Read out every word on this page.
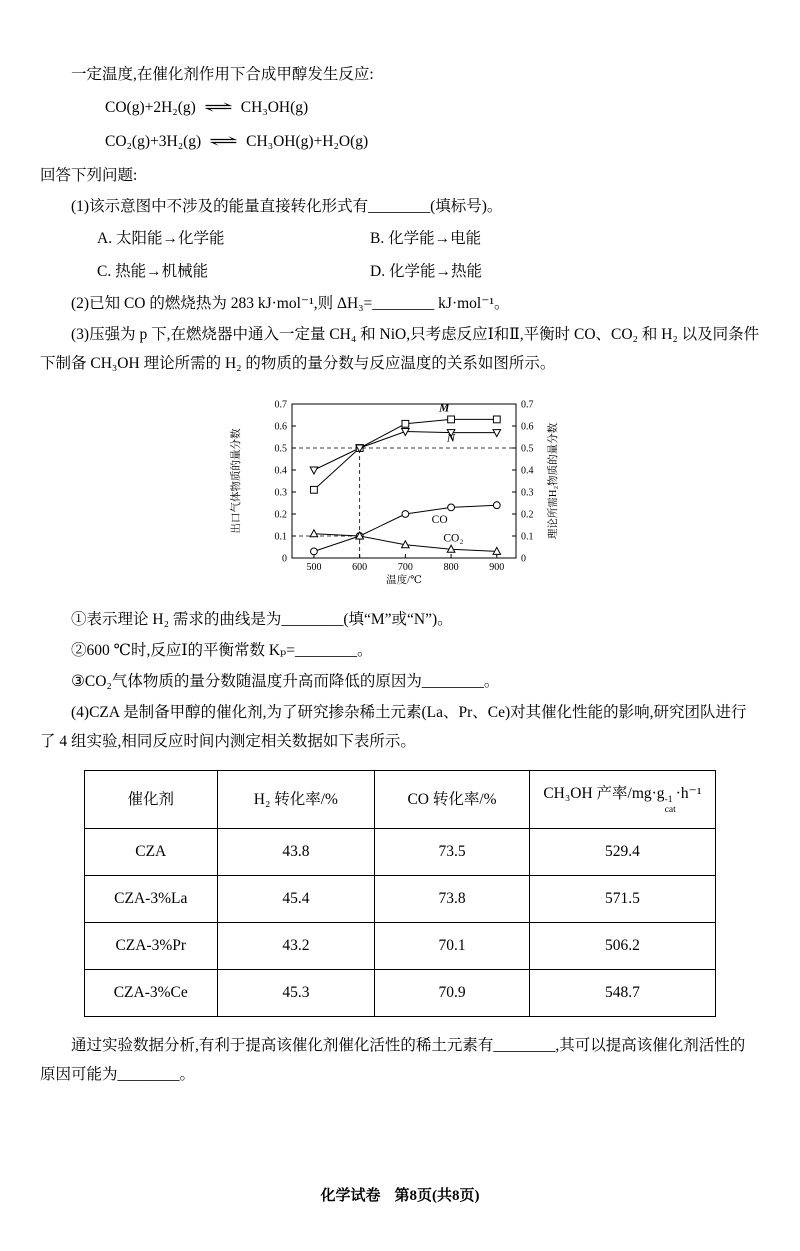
一定温度,在催化剂作用下合成甲醇发生反应:

CO(g)+2H₂(g) ⇌ CH₃OH(g)

CO₂(g)+3H₂(g) ⇌ CH₃OH(g)+H₂O(g)

回答下列问题:

(1)该示意图中不涉及的能量直接转化形式有________(填标号)。

A. 太阳能→化学能	B. 化学能→电能
C. 热能→机械能	D. 化学能→热能

(2)已知 CO 的燃烧热为 283 kJ·mol⁻¹,则 ΔH₃=________ kJ·mol⁻¹。

(3)压强为 p 下,在燃烧器中通入一定量 CH₄ 和 NiO,只考虑反应Ⅰ和Ⅱ,平衡时 CO、CO₂ 和 H₂ 以及同条件下制备 CH₃OH 理论所需的 H₂ 的物质的量分数与反应温度的关系如图所示。

M
N
CO
CO₂
0	0
0.1	0.1
0.2	0.2
0.3	0.3
0.4	0.4
0.5	0.5
0.6	0.6
0.7	0.7
500	600	700	800	900
温度/℃
出口气体物质的量分数	理论所需H₂物质的量分数

①表示理论 H₂ 需求的曲线是为________(填“M”或“N”)。

②600 ℃时,反应Ⅰ的平衡常数 Kₚ=________。

③CO₂气体物质的量分数随温度升高而降低的原因为________。

(4)CZA 是制备甲醇的催化剂,为了研究掺杂稀土元素(La、Pr、Ce)对其催化性能的影响,研究团队进行了 4 组实验,相同反应时间内测定相关数据如下表所示。

催化剂	H₂ 转化率/%	CO 转化率/%	CH₃OH 产率/mg·g -1
cat
·h⁻¹
CZA	43.8	73.5	529.4
CZA-3%La	45.4	73.8	571.5
CZA-3%Pr	43.2	70.1	506.2
CZA-3%Ce	45.3	70.9	548.7

通过实验数据分析,有利于提高该催化剂催化活性的稀土元素有________,其可以提高该催化剂活性的原因可能为________。

化学试卷 第8页(共8页)
